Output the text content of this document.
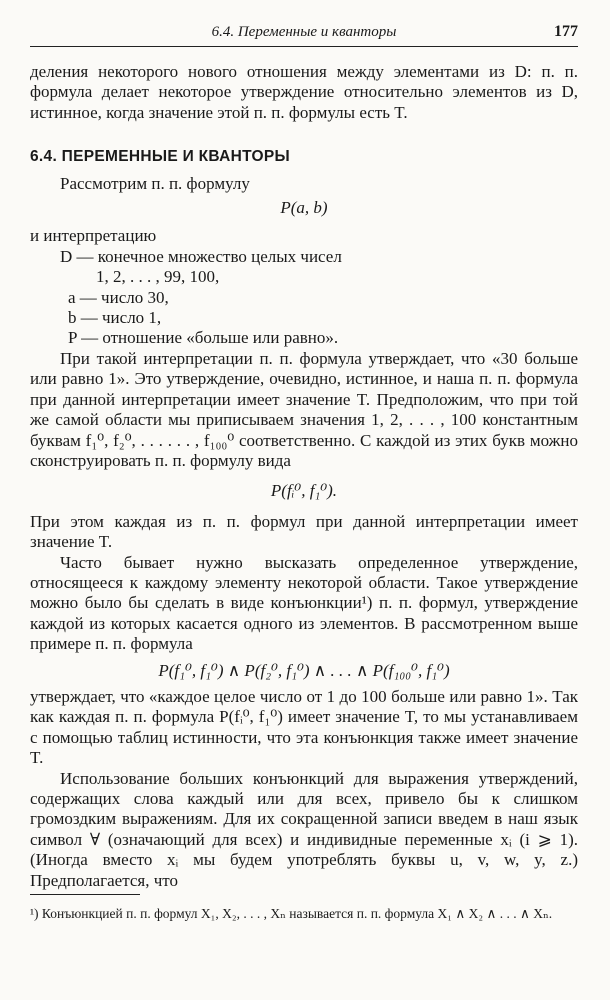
6.4. Переменные и кванторы	177

деления некоторого нового отношения между элементами из D: п. п. формула делает некоторое утверждение относительно элементов из D, истинное, когда значение этой п. п. формулы есть T.

6.4. ПЕРЕМЕННЫЕ И КВАНТОРЫ

Рассмотрим п. п. формулу

P(a, b)

и интерпретацию

D — конечное множество целых чисел
1, 2, . . . , 99, 100,
a — число 30,
b — число 1,
P — отношение «больше или равно».

При такой интерпретации п. п. формула утверждает, что «30 больше или равно 1». Это утверждение, очевидно, истинное, и наша п. п. формула при данной интерпретации имеет значение T. Предположим, что при той же самой области мы приписываем значения 1, 2, . . . , 100 константным буквам f₁⁰, f₂⁰, . . . . . . , f₁₀₀⁰ соответственно. С каждой из этих букв можно сконструировать п. п. формулу вида

P(fᵢ⁰, f₁⁰).

При этом каждая из п. п. формул при данной интерпретации имеет значение T.

Часто бывает нужно высказать определенное утверждение, относящееся к каждому элементу некоторой области. Такое утверждение можно было бы сделать в виде конъюнкции¹) п. п. формул, утверждение каждой из которых касается одного из элементов. В рассмотренном выше примере п. п. формула

P(f₁⁰, f₁⁰) ∧ P(f₂⁰, f₁⁰) ∧ . . . ∧ P(f₁₀₀⁰, f₁⁰)

утверждает, что «каждое целое число от 1 до 100 больше или равно 1». Так как каждая п. п. формула P(fᵢ⁰, f₁⁰) имеет значение T, то мы устанавливаем с помощью таблиц истинности, что эта конъюнкция также имеет значение T.

Использование больших конъюнкций для выражения утверждений, содержащих слова каждый или для всех, привело бы к слишком громоздким выражениям. Для их сокращенной записи введем в наш язык символ ∀ (означающий для всех) и индивидные переменные xᵢ (i ⩾ 1). (Иногда вместо xᵢ мы будем употреблять буквы u, v, w, y, z.) Предполагается, что

¹) Конъюнкцией п. п. формул X₁, X₂, . . . , Xₙ называется п. п. формула X₁ ∧ X₂ ∧ . . . ∧ Xₙ.
